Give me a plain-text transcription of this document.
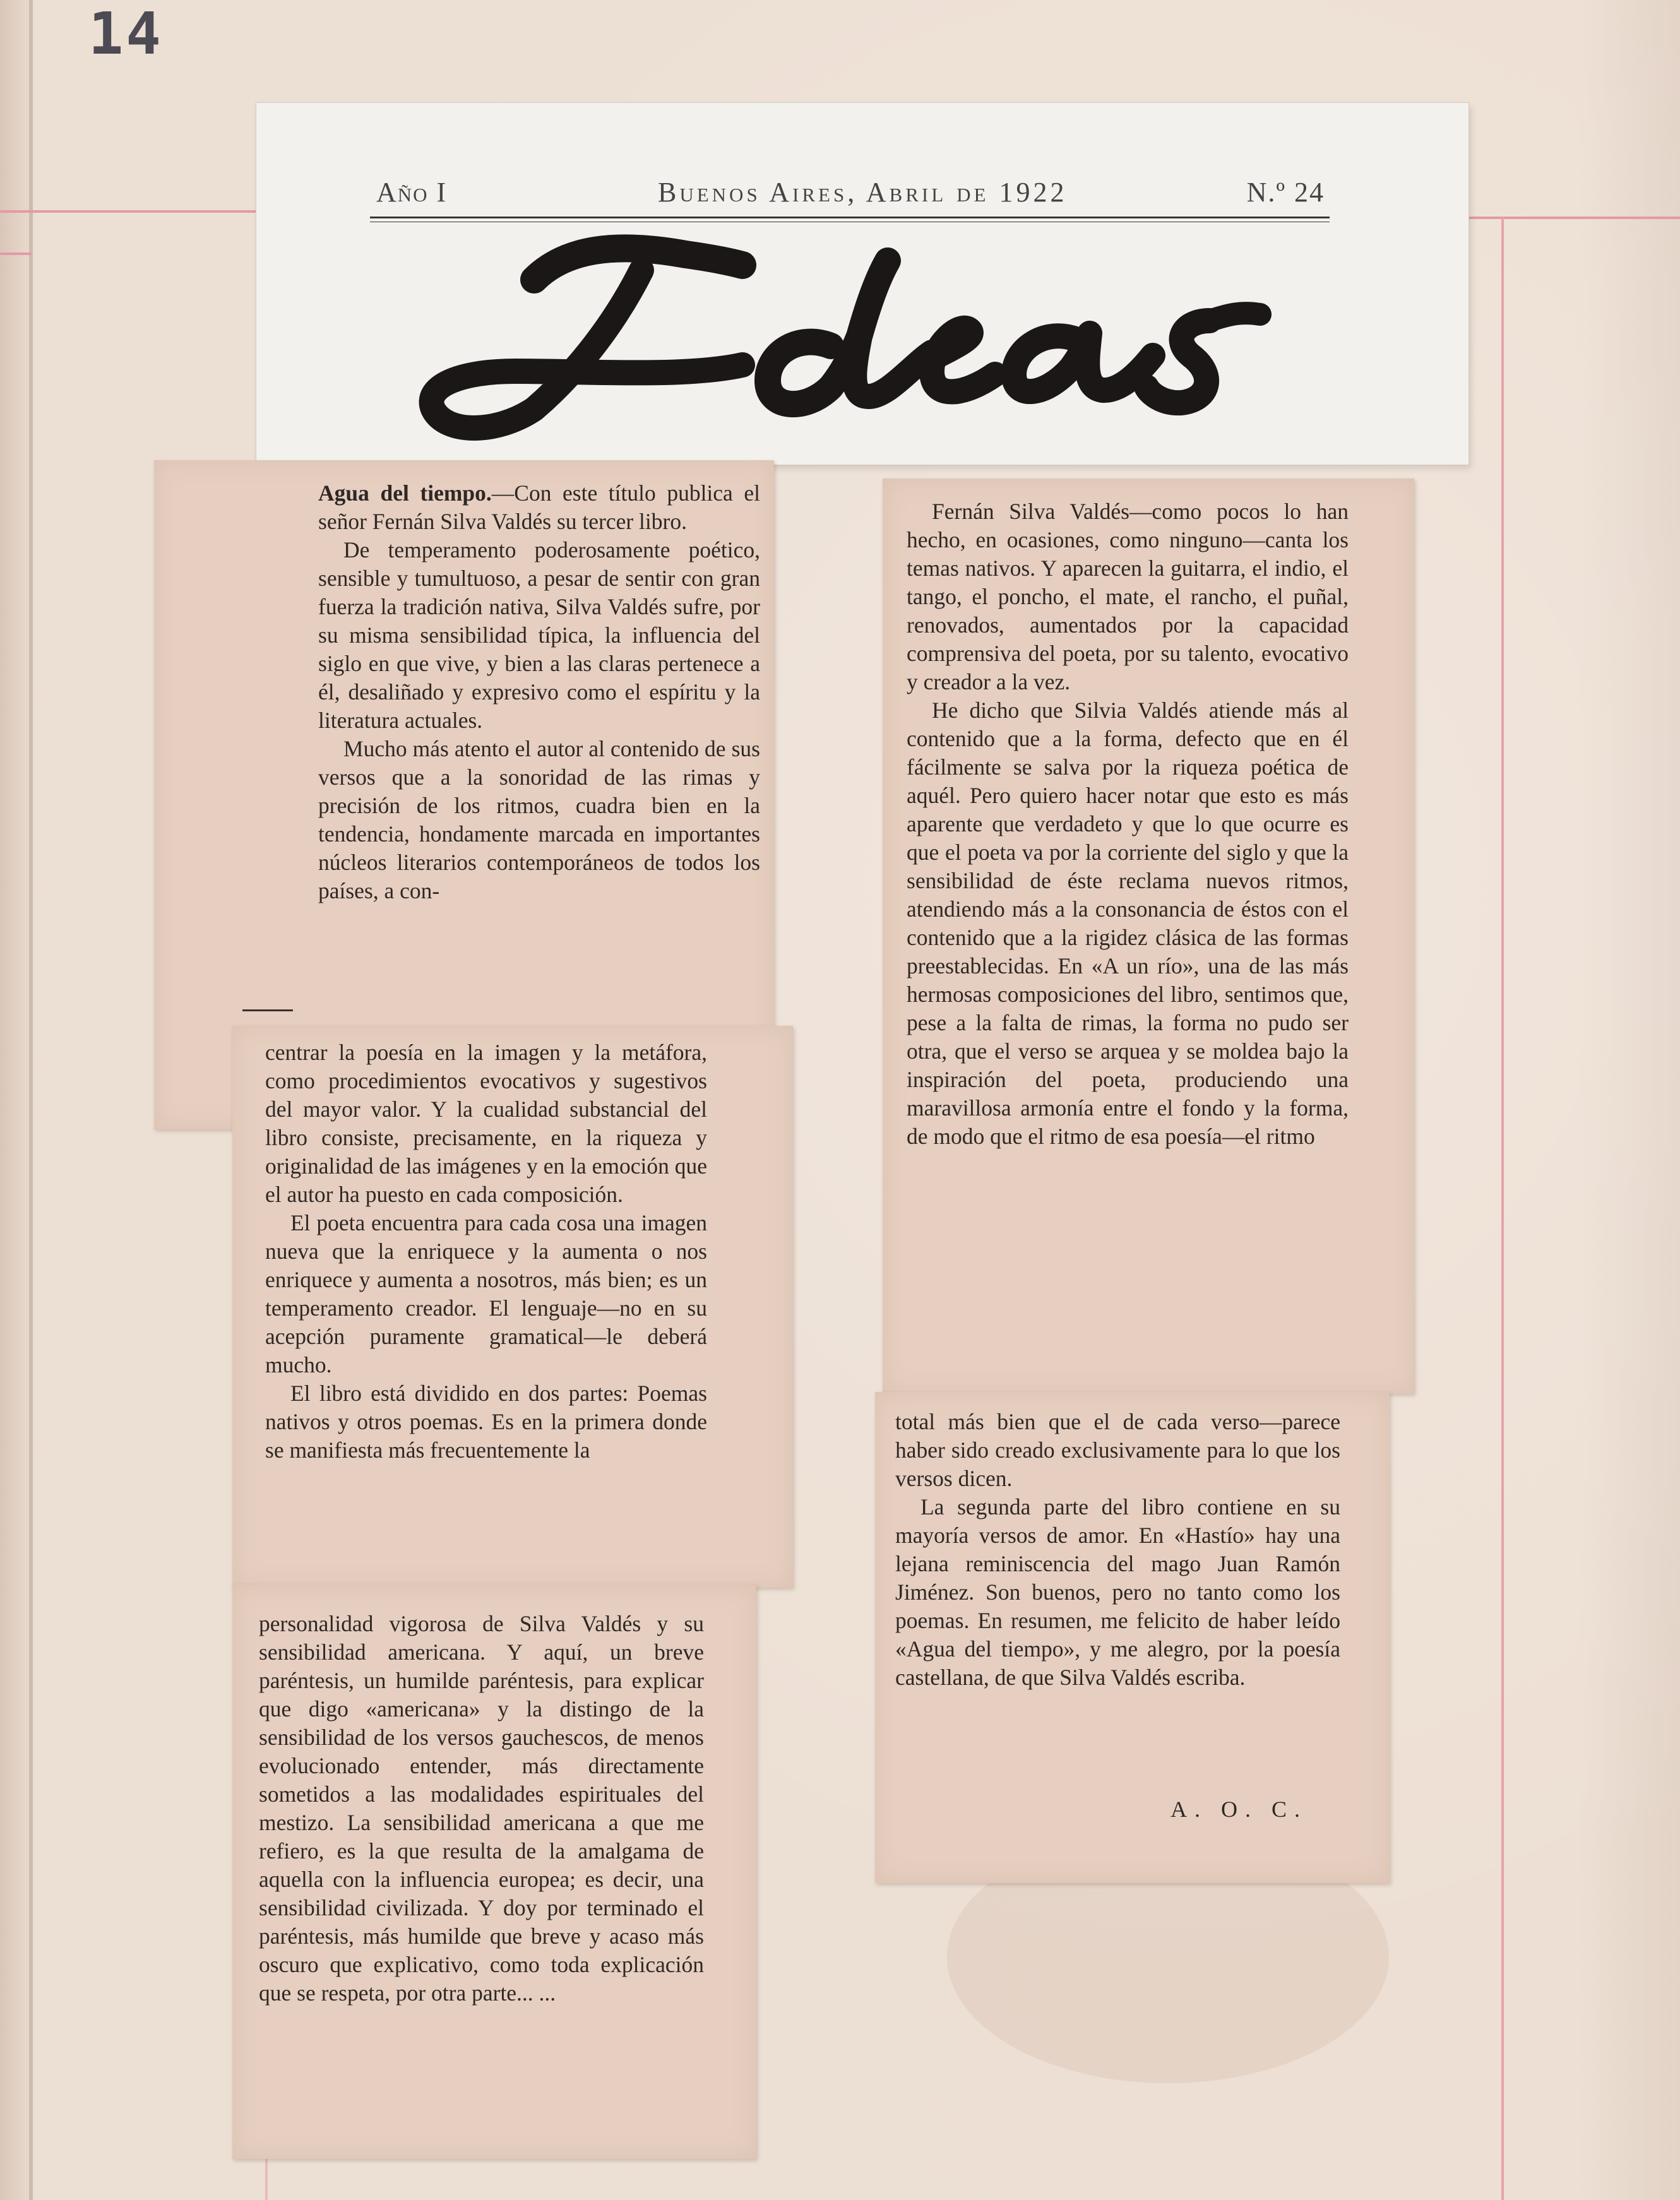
14
Año I	Buenos Aires, Abril de 1922	N.º 24

Agua del tiempo.—Con este título publica el señor Fernán Silva Valdés su tercer libro.

De temperamento poderosamente poético, sensible y tumultuoso, a pesar de sentir con gran fuerza la tradición nativa, Silva Valdés sufre, por su misma sensibilidad típica, la influencia del siglo en que vive, y bien a las claras pertenece a él, desaliñado y expresivo como el espíritu y la literatura actuales.

Mucho más atento el autor al contenido de sus versos que a la sonoridad de las rimas y precisión de los ritmos, cuadra bien en la tendencia, hondamente marcada en importantes núcleos literarios contemporáneos de todos los países, a con-

centrar la poesía en la imagen y la metáfora, como procedimientos evocativos y sugestivos del mayor valor. Y la cualidad substancial del libro consiste, precisamente, en la riqueza y originalidad de las imágenes y en la emoción que el autor ha puesto en cada composición.

El poeta encuentra para cada cosa una imagen nueva que la enriquece y la aumenta o nos enriquece y aumenta a nosotros, más bien; es un temperamento creador. El lenguaje—no en su acepción puramente gramatical—le deberá mucho.

El libro está dividido en dos partes: Poemas nativos y otros poemas. Es en la primera donde se manifiesta más frecuentemente la

personalidad vigorosa de Silva Valdés y su sensibilidad americana. Y aquí, un breve paréntesis, un humilde paréntesis, para explicar que digo «americana» y la distingo de la sensibilidad de los versos gauchescos, de menos evolucionado entender, más directamente sometidos a las modalidades espirituales del mestizo. La sensibilidad americana a que me refiero, es la que resulta de la amalgama de aquella con la influencia europea; es decir, una sensibilidad civilizada. Y doy por terminado el paréntesis, más humilde que breve y acaso más oscuro que explicativo, como toda explicación que se respeta, por otra parte... ...

Fernán Silva Valdés—como pocos lo han hecho, en ocasiones, como ninguno—canta los temas nativos. Y aparecen la guitarra, el indio, el tango, el poncho, el mate, el rancho, el puñal, renovados, aumentados por la capacidad comprensiva del poeta, por su talento, evocativo y creador a la vez.

He dicho que Silvia Valdés atiende más al contenido que a la forma, defecto que en él fácilmente se salva por la riqueza poética de aquél. Pero quiero hacer notar que esto es más aparente que verdadeto y que lo que ocurre es que el poeta va por la corriente del siglo y que la sensibilidad de éste reclama nuevos ritmos, atendiendo más a la consonancia de éstos con el contenido que a la rigidez clásica de las formas preestablecidas. En «A un río», una de las más hermosas composiciones del libro, sentimos que, pese a la falta de rimas, la forma no pudo ser otra, que el verso se arquea y se moldea bajo la inspiración del poeta, produciendo una maravillosa armonía entre el fondo y la forma, de modo que el ritmo de esa poesía—el ritmo

total más bien que el de cada verso—parece haber sido creado exclusivamente para lo que los versos dicen.

La segunda parte del libro contiene en su mayoría versos de amor. En «Hastío» hay una lejana reminiscencia del mago Juan Ramón Jiménez. Son buenos, pero no tanto como los poemas. En resumen, me felicito de haber leído «Agua del tiempo», y me alegro, por la poesía castellana, de que Silva Valdés escriba.

A. O. C.
